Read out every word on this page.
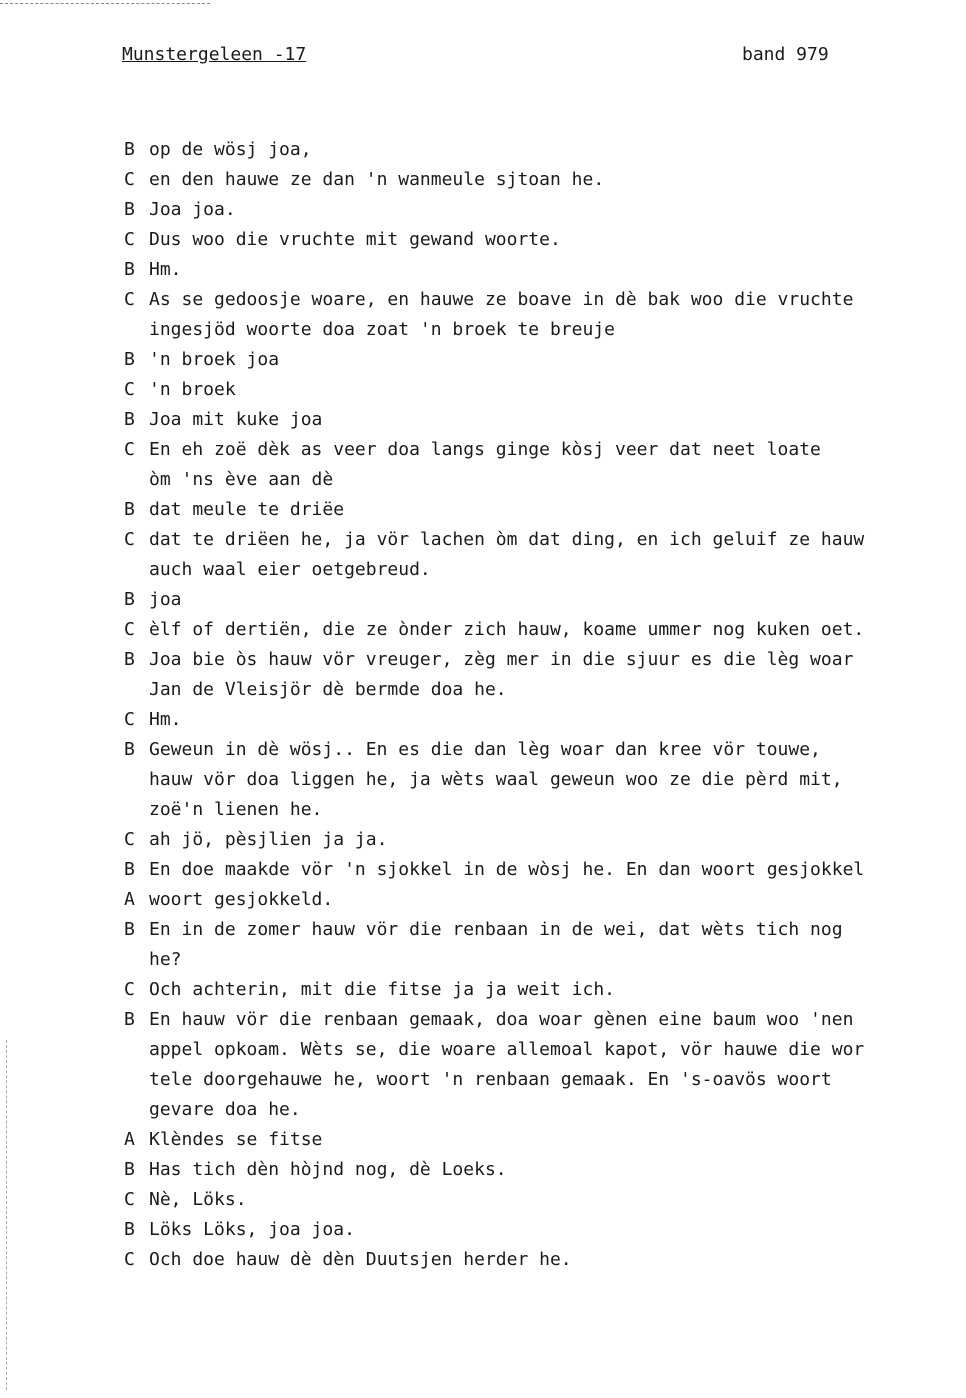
Munstergeleen -17	band 979
B op de wösj joa,
C en den hauwe ze dan 'n wanmeule sjtoan he.
B Joa joa.
C Dus woo die vruchte mit gewand woorte.
B Hm.
C As se gedoosje woare, en hauwe ze boave in dè bak woo die vruchte
ingesjöd woorte doa zoat 'n broek te breuje
B 'n broek joa
C 'n broek
B Joa mit kuke joa
C En eh zoë dèk as veer doa langs ginge kòsj veer dat neet loate
òm 'ns ève aan dè
B dat meule te driëe
C dat te driëen he, ja vör lachen òm dat ding, en ich geluif ze hauw
auch waal eier oetgebreud.
B joa
C èlf of dertiën, die ze ònder zich hauw, koame ummer nog kuken oet.
B Joa bie òs hauw vör vreuger, zèg mer in die sjuur es die lèg woar
Jan de Vleisjör dè bermde doa he.
C Hm.
B Geweun in dè wösj.. En es die dan lèg woar dan kree vör touwe,
hauw vör doa liggen he, ja wèts waal geweun woo ze die pèrd mit,
zoë'n lienen he.
C ah jö, pèsjlien ja ja.
B En doe maakde vör 'n sjokkel in de wòsj he. En dan woort gesjokkel
A woort gesjokkeld.
B En in de zomer hauw vör die renbaan in de wei, dat wèts tich nog
he?
C Och achterin, mit die fitse ja ja weit ich.
B En hauw vör die renbaan gemaak, doa woar gènen eine baum woo 'nen
appel opkoam. Wèts se, die woare allemoal kapot, vör hauwe die wor
tele doorgehauwe he, woort 'n renbaan gemaak. En 's-oavös woort
gevare doa he.
A Klèndes se fitse
B Has tich dèn hòjnd nog, dè Loeks.
C Nè, Löks.
B Löks Löks, joa joa.
C Och doe hauw dè dèn Duutsjen herder he.
